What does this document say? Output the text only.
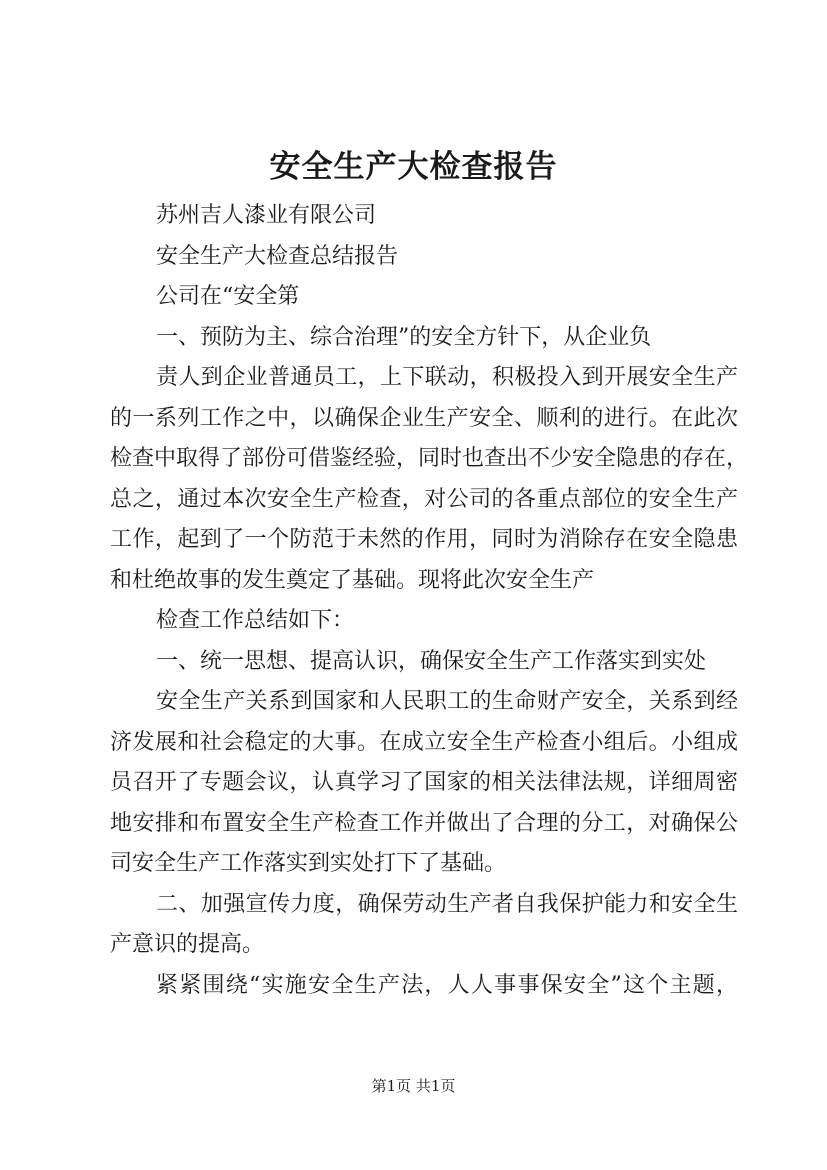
安全生产大检查报告

苏州吉人漆业有限公司

安全生产大检查总结报告

公司在“安全第

一、预防为主、综合治理”的安全方针下，从企业负

责人到企业普通员工，上下联动，积极投入到开展安全生产

的一系列工作之中，以确保企业生产安全、顺利的进行。在此次

检查中取得了部份可借鉴经验，同时也查出不少安全隐患的存在，

总之，通过本次安全生产检查，对公司的各重点部位的安全生产

工作，起到了一个防范于未然的作用，同时为消除存在安全隐患

和杜绝故事的发生奠定了基础。现将此次安全生产

检查工作总结如下：

一、统一思想、提高认识，确保安全生产工作落实到实处

安全生产关系到国家和人民职工的生命财产安全，关系到经

济发展和社会稳定的大事。在成立安全生产检查小组后。小组成

员召开了专题会议，认真学习了国家的相关法律法规，详细周密

地安排和布置安全生产检查工作并做出了合理的分工，对确保公

司安全生产工作落实到实处打下了基础。

二、加强宣传力度，确保劳动生产者自我保护能力和安全生

产意识的提高。

紧紧围绕“实施安全生产法，人人事事保安全”这个主题，

第1页 共1页
